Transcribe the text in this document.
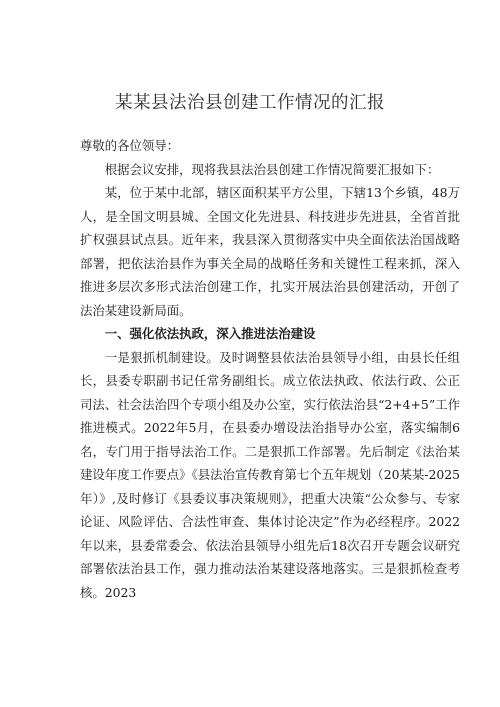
某某县法治县创建工作情况的汇报

尊敬的各位领导：

根据会议安排，现将我县法治县创建工作情况简要汇报如下：

某，位于某中北部，辖区面积某平方公里，下辖13个乡镇，48万人，是全国文明县城、全国文化先进县、科技进步先进县，全省首批扩权强县试点县。近年来，我县深入贯彻落实中央全面依法治国战略部署，把依法治县作为事关全局的战略任务和关键性工程来抓，深入推进多层次多形式法治创建工作，扎实开展法治县创建活动，开创了法治某建设新局面。

一、强化依法执政，深入推进法治建设

一是狠抓机制建设。及时调整县依法治县领导小组，由县长任组长，县委专职副书记任常务副组长。成立依法执政、依法行政、公正司法、社会法治四个专项小组及办公室，实行依法治县“2+4+5”工作推进模式。2022年5月，在县委办增设法治指导办公室，落实编制6名，专门用于指导法治工作。二是狠抓工作部署。先后制定《法治某建设年度工作要点》《县法治宣传教育第七个五年规划（20某某-2025年）》,及时修订《县委议事决策规则》，把重大决策“公众参与、专家论证、风险评估、合法性审查、集体讨论决定”作为必经程序。2022年以来，县委常委会、依法治县领导小组先后18次召开专题会议研究部署依法治县工作，强力推动法治某建设落地落实。三是狠抓检查考核。2023
